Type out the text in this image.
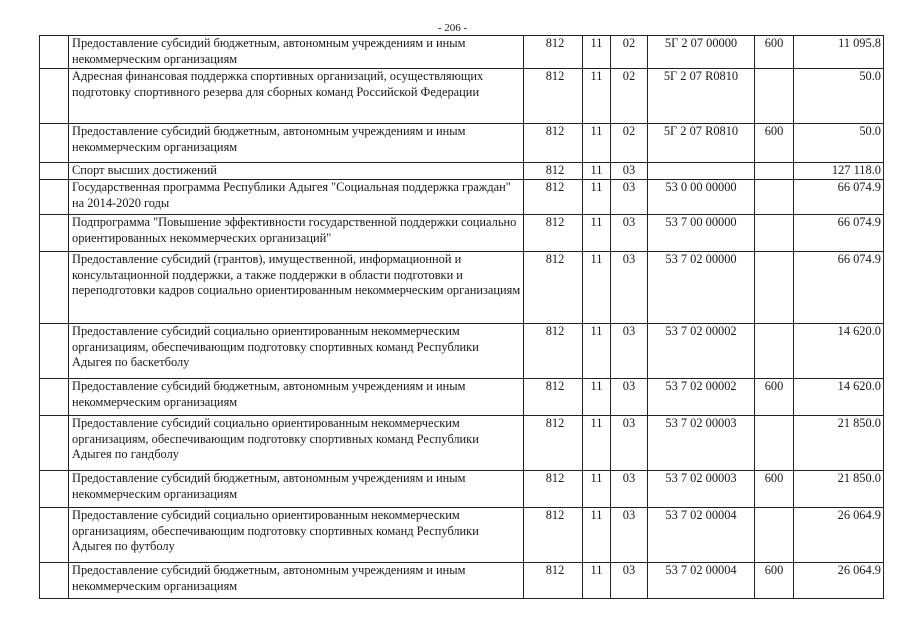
- 206 -
	Предоставление субсидий бюджетным, автономным учреждениям и иным некоммерческим организациям	812	11	02	5Г 2 07 00000	600	11 095.8
	Адресная финансовая поддержка спортивных организаций, осуществляющих подготовку спортивного резерва для сборных команд Российской Федерации	812	11	02	5Г 2 07 R0810		50.0
	Предоставление субсидий бюджетным, автономным учреждениям и иным некоммерческим организациям	812	11	02	5Г 2 07 R0810	600	50.0
	Спорт высших достижений	812	11	03			127 118.0
	Государственная программа Республики Адыгея "Социальная поддержка граждан" на 2014-2020 годы	812	11	03	53 0 00 00000		66 074.9
	Подпрограмма "Повышение эффективности государственной поддержки социально ориентированных некоммерческих организаций"	812	11	03	53 7 00 00000		66 074.9
	Предоставление субсидий (грантов), имущественной, информационной и консультационной поддержки, а также поддержки в области подготовки и переподготовки кадров социально ориентированным некоммерческим организациям	812	11	03	53 7 02 00000		66 074.9
	Предоставление субсидий социально ориентированным некоммерческим организациям, обеспечивающим подготовку спортивных команд Республики Адыгея по баскетболу	812	11	03	53 7 02 00002		14 620.0
	Предоставление субсидий бюджетным, автономным учреждениям и иным некоммерческим организациям	812	11	03	53 7 02 00002	600	14 620.0
	Предоставление субсидий социально ориентированным некоммерческим организациям, обеспечивающим подготовку спортивных команд Республики Адыгея по гандболу	812	11	03	53 7 02 00003		21 850.0
	Предоставление субсидий бюджетным, автономным учреждениям и иным некоммерческим организациям	812	11	03	53 7 02 00003	600	21 850.0
	Предоставление субсидий социально ориентированным некоммерческим организациям, обеспечивающим подготовку спортивных команд Республики Адыгея по футболу	812	11	03	53 7 02 00004		26 064.9
	Предоставление субсидий бюджетным, автономным учреждениям и иным некоммерческим организациям	812	11	03	53 7 02 00004	600	26 064.9
